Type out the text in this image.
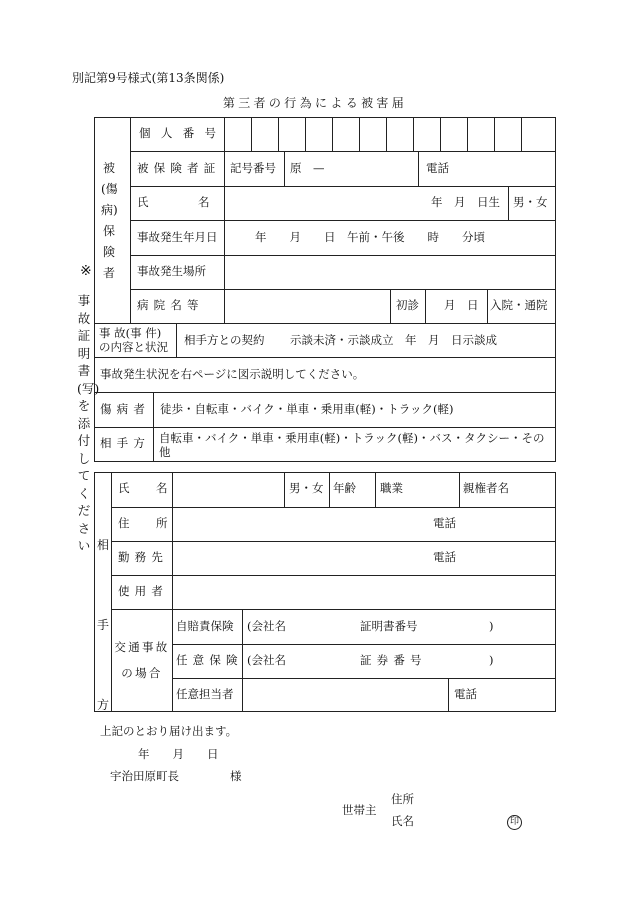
別記第9号様式(第13条関係)
第三者の行為による被害届
※
事故証明書(写)を添付してください
被(傷病)保険者
個人番号
被保険者証 記号番号 原　—	電話
氏名	年　月　日生 男・女
事故発生年月日	年　　月　　日　午前・午後　　時　　分頃
事故発生場所
病院名等	初診 月　日 入院・通院
事 故(事 件)
の内容と状況 相手方との契約 示談未済・示談成立　年　月　日示談成
事故発生状況を右ページに図示説明してください。
傷病者 徒歩・自転車・バイク・単車・乗用車(軽)・トラック(軽)
相手方 自転車・バイク・単車・乗用車(軽)・トラック(軽)・バス・タクシー・その他
相手方
氏名	男・女 年齢 職業	親権者名
住所	電話
勤務先	電話
使用者
交通事故の場合
自賠責保険 (会社名	証明書番号	)
任意保険 (会社名	証券番号	)
任意担当者	電話
上記のとおり届け出ます。
年　　月　　日
宇治田原町長	様
世帯主
住所
氏名	印
